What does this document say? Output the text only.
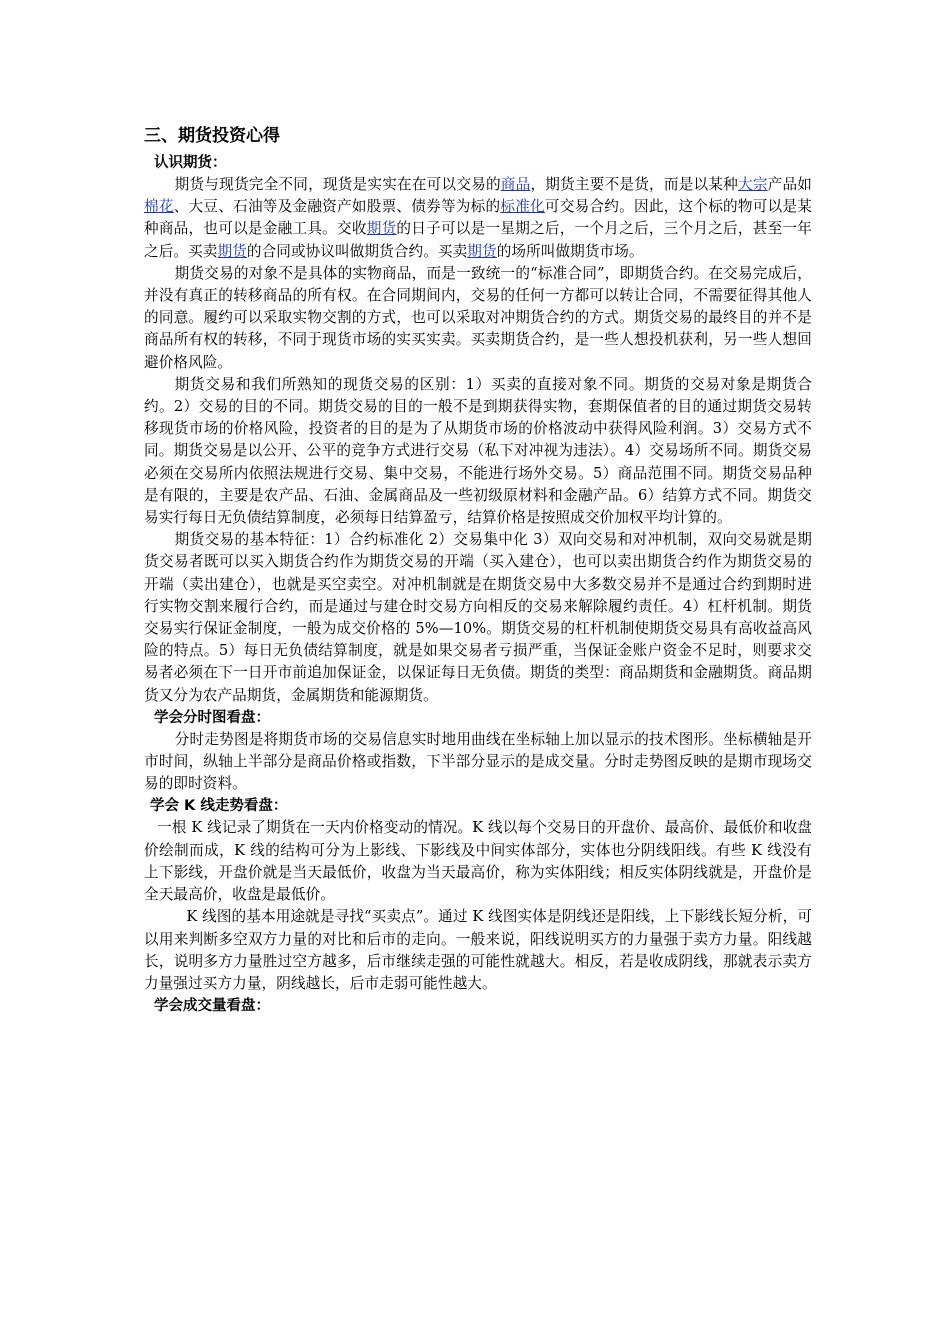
三、期货投资心得
认识期货：

期货与现货完全不同，现货是实实在在可以交易的商品，期货主要不是货，而是以某种大宗产品如棉花、大豆、石油等及金融资产如股票、债券等为标的标准化可交易合约。因此，这个标的物可以是某种商品，也可以是金融工具。交收期货的日子可以是一星期之后，一个月之后，三个月之后，甚至一年之后。买卖期货的合同或协议叫做期货合约。买卖期货的场所叫做期货市场。

期货交易的对象不是具体的实物商品，而是一致统一的“标准合同”，即期货合约。在交易完成后，并没有真正的转移商品的所有权。在合同期间内，交易的任何一方都可以转让合同，不需要征得其他人的同意。履约可以采取实物交割的方式，也可以采取对冲期货合约的方式。期货交易的最终目的并不是商品所有权的转移，不同于现货市场的实买实卖。买卖期货合约，是一些人想投机获利，另一些人想回避价格风险。

期货交易和我们所熟知的现货交易的区别：1）买卖的直接对象不同。期货的交易对象是期货合约。2）交易的目的不同。期货交易的目的一般不是到期获得实物，套期保值者的目的通过期货交易转移现货市场的价格风险，投资者的目的是为了从期货市场的价格波动中获得风险利润。3）交易方式不同。期货交易是以公开、公平的竞争方式进行交易（私下对冲视为违法）。4）交易场所不同。期货交易必须在交易所内依照法规进行交易、集中交易，不能进行场外交易。5）商品范围不同。期货交易品种是有限的，主要是农产品、石油、金属商品及一些初级原材料和金融产品。6）结算方式不同。期货交易实行每日无负债结算制度，必须每日结算盈亏，结算价格是按照成交价加权平均计算的。

期货交易的基本特征：1）合约标准化 2）交易集中化 3）双向交易和对冲机制，双向交易就是期货交易者既可以买入期货合约作为期货交易的开端（买入建仓），也可以卖出期货合约作为期货交易的开端（卖出建仓），也就是买空卖空。对冲机制就是在期货交易中大多数交易并不是通过合约到期时进行实物交割来履行合约，而是通过与建仓时交易方向相反的交易来解除履约责任。4）杠杆机制。期货交易实行保证金制度，一般为成交价格的 5%—10%。期货交易的杠杆机制使期货交易具有高收益高风险的特点。5）每日无负债结算制度，就是如果交易者亏损严重，当保证金账户资金不足时，则要求交易者必须在下一日开市前追加保证金，以保证每日无负债。期货的类型：商品期货和金融期货。商品期货又分为农产品期货，金属期货和能源期货。

学会分时图看盘：

分时走势图是将期货市场的交易信息实时地用曲线在坐标轴上加以显示的技术图形。坐标横轴是开市时间，纵轴上半部分是商品价格或指数，下半部分显示的是成交量。分时走势图反映的是期市现场交易的即时资料。

学会 K 线走势看盘：

一根 K 线记录了期货在一天内价格变动的情况。K 线以每个交易日的开盘价、最高价、最低价和收盘价绘制而成，K 线的结构可分为上影线、下影线及中间实体部分，实体也分阴线阳线。有些 K 线没有上下影线，开盘价就是当天最低价，收盘为当天最高价，称为实体阳线；相反实体阴线就是，开盘价是全天最高价，收盘是最低价。

K 线图的基本用途就是寻找“买卖点”。通过 K 线图实体是阴线还是阳线，上下影线长短分析，可以用来判断多空双方力量的对比和后市的走向。一般来说，阳线说明买方的力量强于卖方力量。阳线越长，说明多方力量胜过空方越多，后市继续走强的可能性就越大。相反，若是收成阴线，那就表示卖方力量强过买方力量，阴线越长，后市走弱可能性越大。

学会成交量看盘：
